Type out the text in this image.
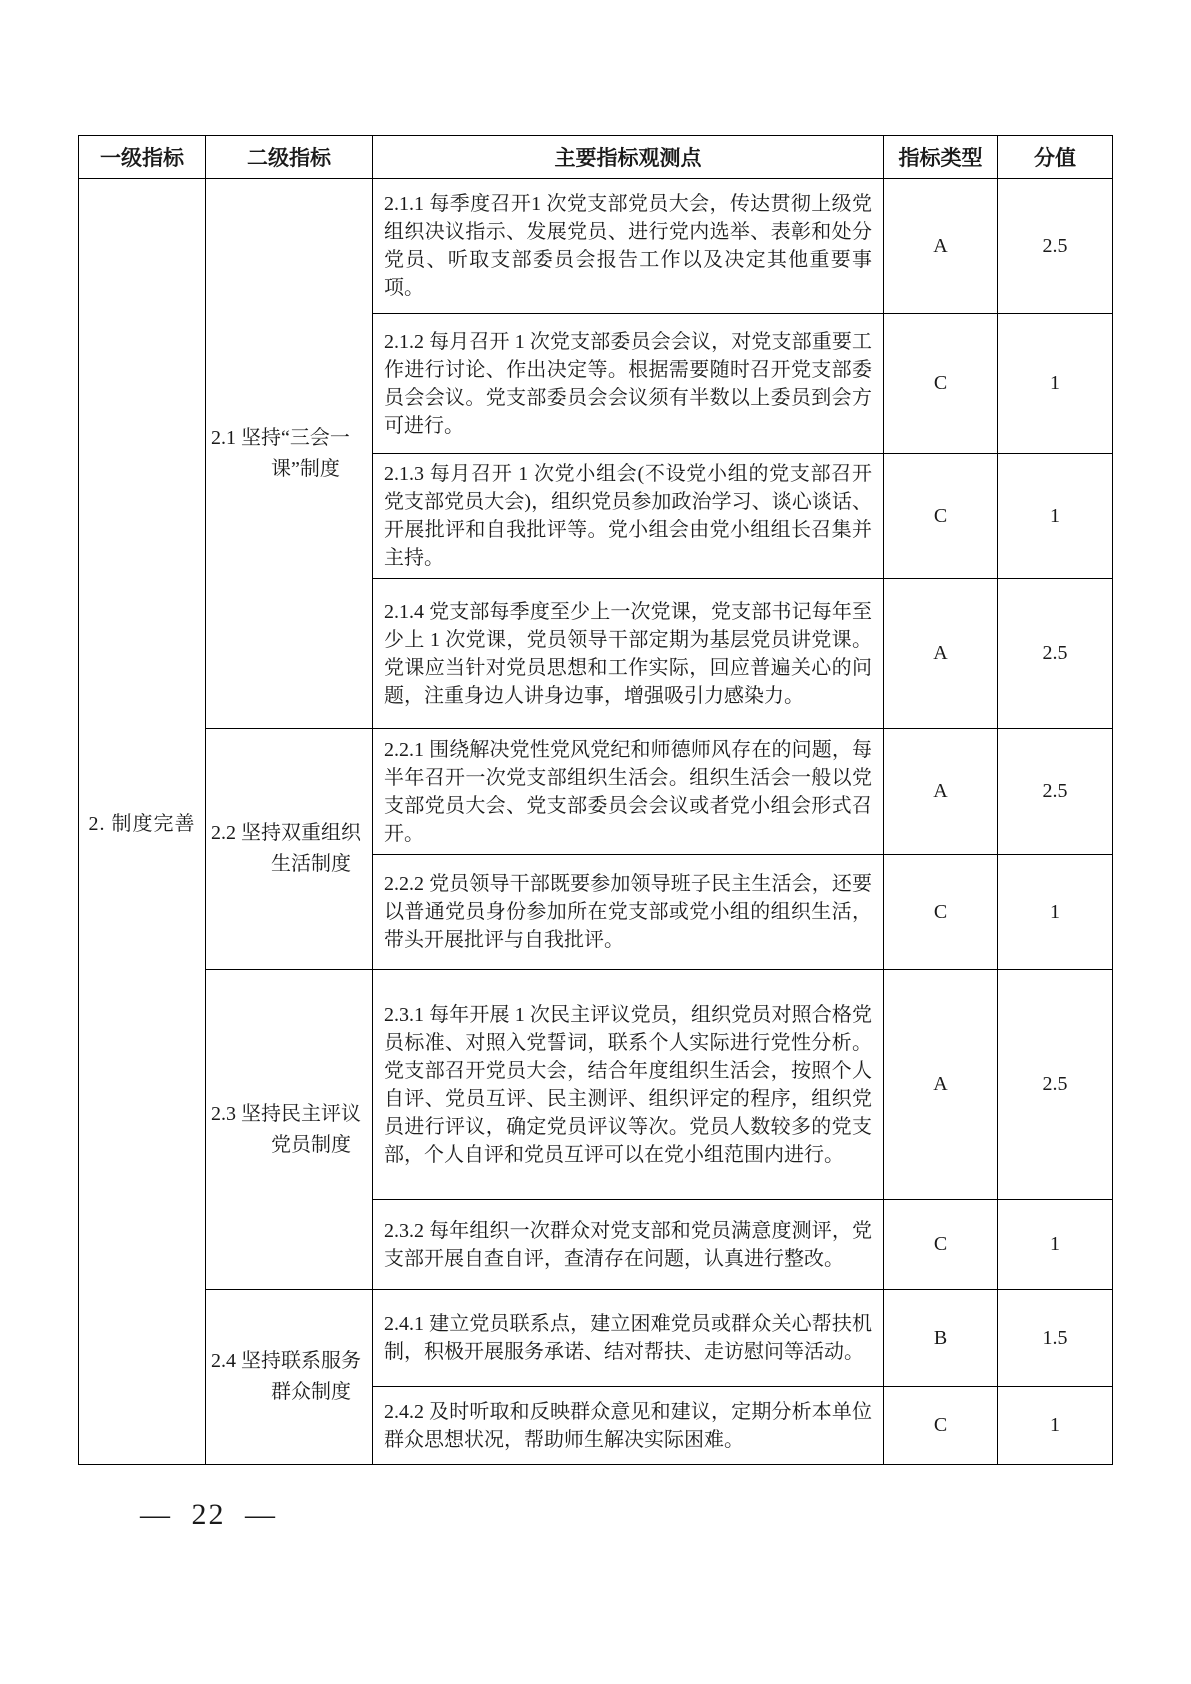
一级指标	二级指标	主要指标观测点	指标类型	分值
2. 制度完善	2.1 坚持“三会一课”制度	2.1.1 每季度召开1 次党支部党员大会，传达贯彻上级党组织决议指示、发展党员、进行党内选举、表彰和处分党员、听取支部委员会报告工作以及决定其他重要事项。	A	2.5

		2.1.2 每月召开 1 次党支部委员会会议，对党支部重要工作进行讨论、作出决定等。根据需要随时召开党支部委员会会议。党支部委员会会议须有半数以上委员到会方可进行。	C	1

		2.1.3 每月召开 1 次党小组会(不设党小组的党支部召开党支部党员大会)，组织党员参加政治学习、谈心谈话、开展批评和自我批评等。党小组会由党小组组长召集并主持。	C	1

		2.1.4 党支部每季度至少上一次党课，党支部书记每年至少上 1 次党课，党员领导干部定期为基层党员讲党课。党课应当针对党员思想和工作实际，回应普遍关心的问题，注重身边人讲身边事，增强吸引力感染力。	A	2.5

	2.2 坚持双重组织生活制度	2.2.1 围绕解决党性党风党纪和师德师风存在的问题，每半年召开一次党支部组织生活会。组织生活会一般以党支部党员大会、党支部委员会会议或者党小组会形式召开。	A	2.5

		2.2.2 党员领导干部既要参加领导班子民主生活会，还要以普通党员身份参加所在党支部或党小组的组织生活，带头开展批评与自我批评。	C	1

	2.3 坚持民主评议党员制度	2.3.1 每年开展 1 次民主评议党员，组织党员对照合格党员标准、对照入党誓词，联系个人实际进行党性分析。党支部召开党员大会，结合年度组织生活会，按照个人自评、党员互评、民主测评、组织评定的程序，组织党员进行评议，确定党员评议等次。党员人数较多的党支部，个人自评和党员互评可以在党小组范围内进行。	A	2.5

		2.3.2 每年组织一次群众对党支部和党员满意度测评，党支部开展自查自评，查清存在问题，认真进行整改。	C	1

	2.4 坚持联系服务群众制度	2.4.1 建立党员联系点，建立困难党员或群众关心帮扶机制，积极开展服务承诺、结对帮扶、走访慰问等活动。	B	1.5

		2.4.2 及时听取和反映群众意见和建议，定期分析本单位群众思想状况，帮助师生解决实际困难。	C	1
— 22 —
